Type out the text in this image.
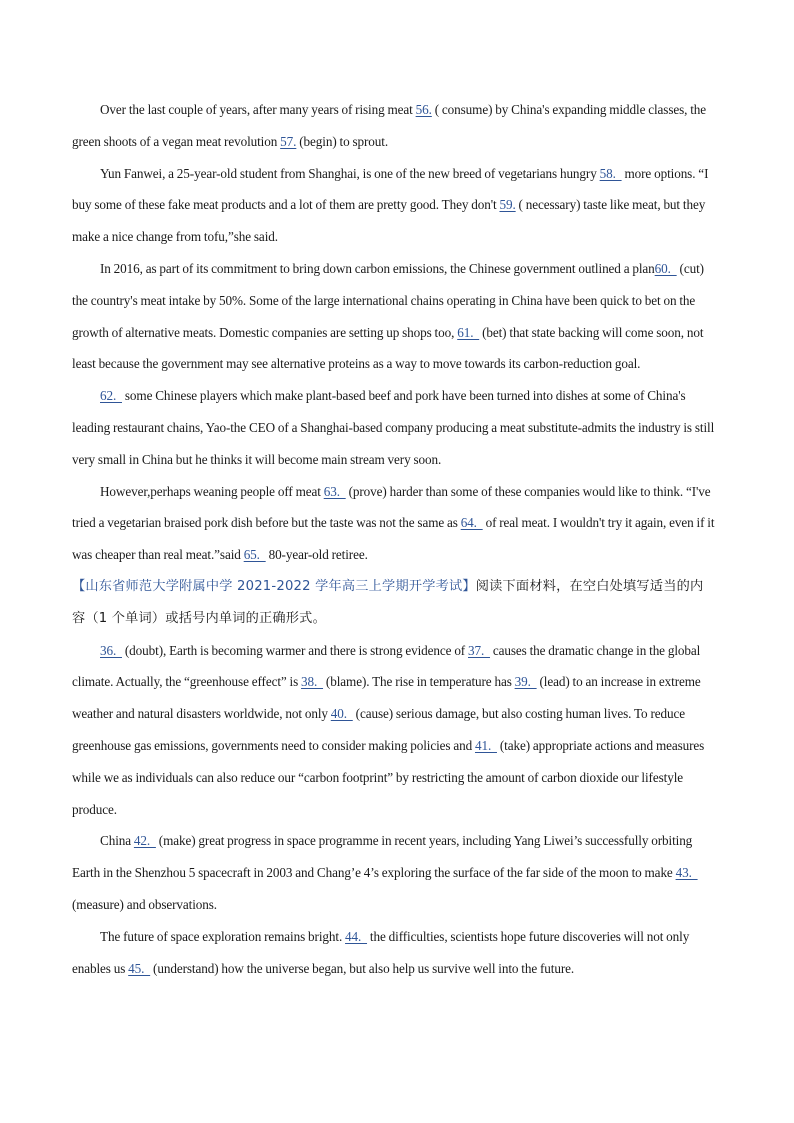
Over the last couple of years, after many years of rising meat 56. ( consume) by China's expanding middle classes, the green shoots of a vegan meat revolution 57. (begin) to sprout.

Yun Fanwei, a 25-year-old student from Shanghai, is one of the new breed of vegetarians hungry 58.   more options. “I buy some of these fake meat products and a lot of them are pretty good. They don't 59. ( necessary) taste like meat, but they make a nice change from tofu,”she said.

In 2016, as part of its commitment to bring down carbon emissions, the Chinese government outlined a plan60.   (cut) the country's meat intake by 50%. Some of the large international chains operating in China have been quick to bet on the growth of alternative meats. Domestic companies are setting up shops too, 61.   (bet) that state backing will come soon, not least because the government may see alternative proteins as a way to move towards its carbon-reduction goal.

62.   some Chinese players which make plant-based beef and pork have been turned into dishes at some of China's leading restaurant chains, Yao-the CEO of a Shanghai-based company producing a meat substitute-admits the industry is still very small in China but he thinks it will become main stream very soon.

However,perhaps weaning people off meat 63.   (prove) harder than some of these companies would like to think. “I've tried a vegetarian braised pork dish before but the taste was not the same as 64.   of real meat. I wouldn't try it again, even if it was cheaper than real meat.”said 65.   80-year-old retiree.

【山东省师范大学附属中学 2021-2022 学年高三上学期开学考试】阅读下面材料，在空白处填写适当的内容（1 个单词）或括号内单词的正确形式。

36.   (doubt), Earth is becoming warmer and there is strong evidence of 37.   causes the dramatic change in the global climate. Actually, the “greenhouse effect” is 38.   (blame). The rise in temperature has 39.   (lead) to an increase in extreme weather and natural disasters worldwide, not only 40.   (cause) serious damage, but also costing human lives. To reduce greenhouse gas emissions, governments need to consider making policies and 41.   (take) appropriate actions and measures while we as individuals can also reduce our “carbon footprint” by restricting the amount of carbon dioxide our lifestyle produce.

China 42.   (make) great progress in space programme in recent years, including Yang Liwei’s successfully orbiting Earth in the Shenzhou 5 spacecraft in 2003 and Chang’e 4’s exploring the surface of the far side of the moon to make 43.   (measure) and observations.

The future of space exploration remains bright. 44.   the difficulties, scientists hope future discoveries will not only enables us 45.   (understand) how the universe began, but also help us survive well into the future.
